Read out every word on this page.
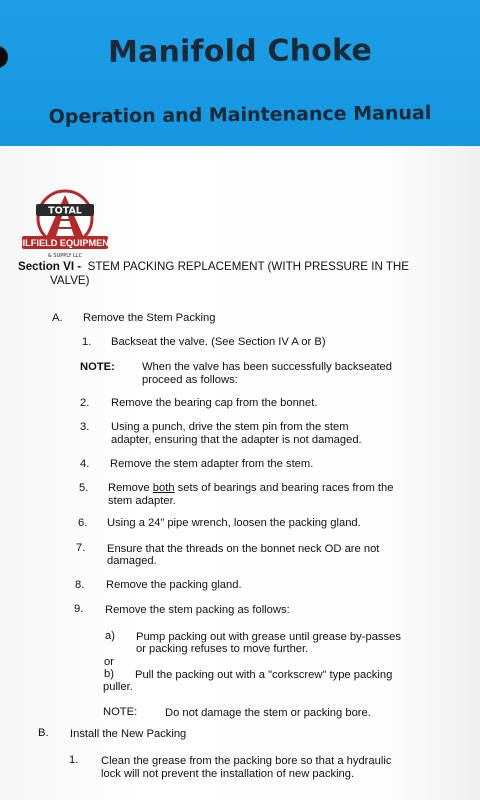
Manifold Choke
Operation and Maintenance Manual
TOTAL
OILFIELD EQUIPMENT
& SUPPLY LLC
Section VI - STEM PACKING REPLACEMENT (WITH PRESSURE IN THE
VALVE)
A. Remove the Stem Packing
1. Backseat the valve. (See Section IV A or B)
NOTE: When the valve has been successfully backseated
proceed as follows:
2. Remove the bearing cap from the bonnet.
3. Using a punch, drive the stem pin from the stem
adapter, ensuring that the adapter is not damaged.
4. Remove the stem adapter from the stem.
5. Remove both sets of bearings and bearing races from the
stem adapter.
6. Using a 24” pipe wrench, loosen the packing gland.
7. Ensure that the threads on the bonnet neck OD are not
damaged.
8. Remove the packing gland.
9. Remove the stem packing as follows:
a) Pump packing out with grease until grease by-passes
or packing refuses to move further.
or
b) Pull the packing out with a "corkscrew" type packing
puller.
NOTE: Do not damage the stem or packing bore.
B. Install the New Packing
1. Clean the grease from the packing bore so that a hydraulic
lock will not prevent the installation of new packing.
